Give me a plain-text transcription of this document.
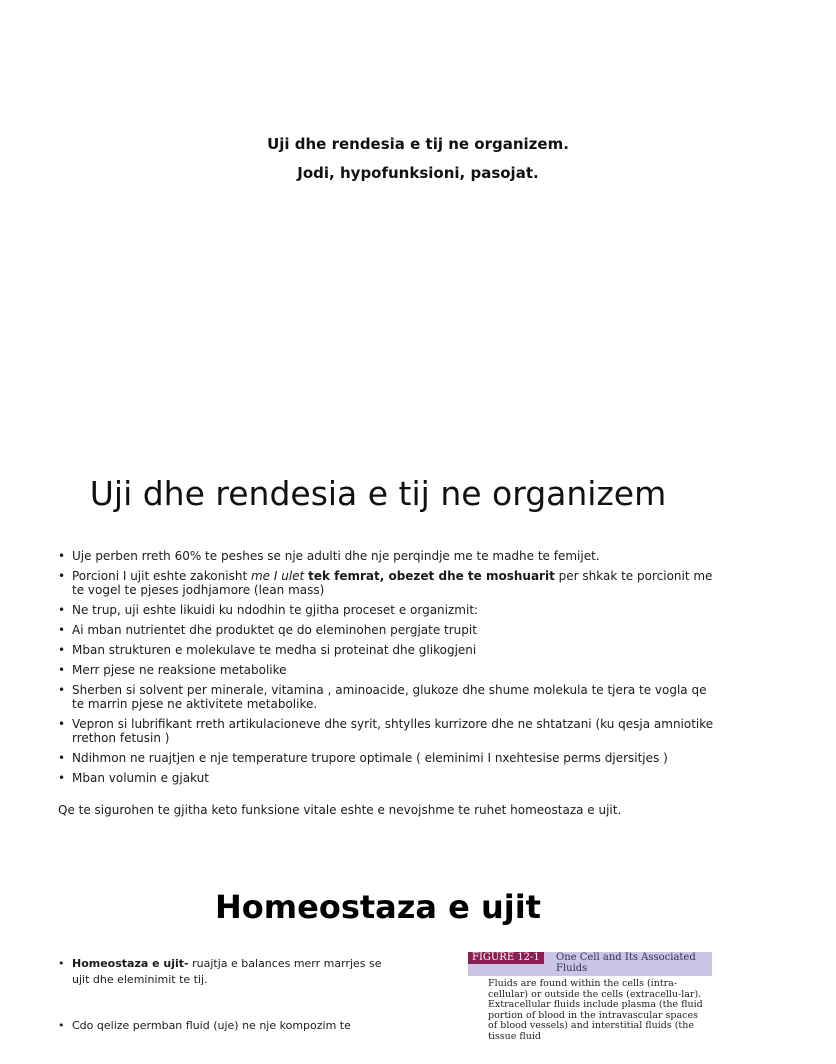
Uji dhe rendesia e tij ne organizem.
Jodi, hypofunksioni, pasojat.
Uji dhe rendesia e tij ne organizem
• Uje perben rreth 60% te peshes se nje adulti dhe nje perqindje me te madhe te femijet.
• Porcioni I ujit eshte zakonisht me I ulet tek femrat, obezet dhe te moshuarit per shkak te porcionit me te vogel te pjeses jodhjamore (lean mass)
• Ne trup, uji eshte likuidi ku ndodhin te gjitha proceset e organizmit:
• Ai mban nutrientet dhe produktet qe do eleminohen pergjate trupit
• Mban strukturen e molekulave te medha si proteinat dhe glikogjeni
• Merr pjese ne reaksione metabolike
• Sherben si solvent per minerale, vitamina , aminoacide, glukoze dhe shume molekula te tjera te vogla qe te marrin pjese ne aktivitete metabolike.
• Vepron si lubrifikant rreth artikulacioneve dhe syrit, shtylles kurrizore dhe ne shtatzani (ku qesja amniotike rrethon fetusin )
• Ndihmon ne ruajtjen e nje temperature trupore optimale ( eleminimi I nxehtesise perms djersitjes )
• Mban volumin e gjakut
Qe te sigurohen te gjitha keto funksione vitale eshte e nevojshme te ruhet homeostaza e ujit.
Homeostaza e ujit
• Homeostaza e ujit- ruajtja e balances merr marrjes se ujit dhe eleminimit te tij.
• Cdo qelize permban fluid (uje) ne nje kompozim te
FIGURE 12-1	One Cell and Its Associated Fluids
Fluids are found within the cells (intra-cellular) or outside the cells (extracellu-lar). Extracellular fluids include plasma (the fluid portion of blood in the intravascular spaces of blood vessels) and interstitial fluids (the tissue fluid
